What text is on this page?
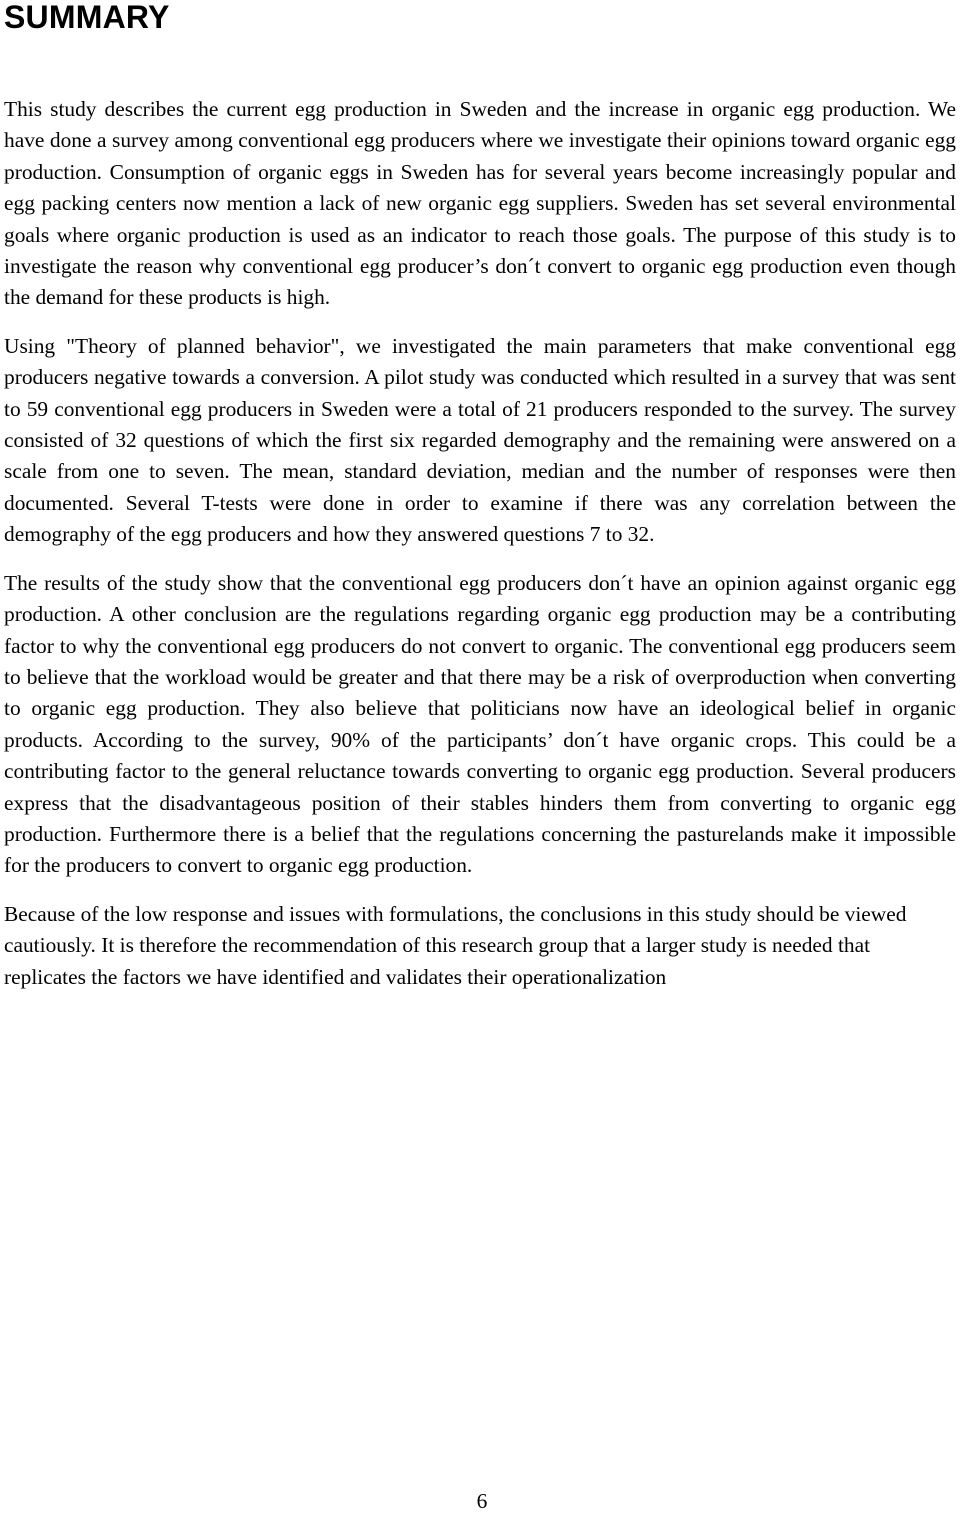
SUMMARY

This study describes the current egg production in Sweden and the increase in organic egg production. We have done a survey among conventional egg producers where we investigate their opinions toward organic egg production. Consumption of organic eggs in Sweden has for several years become increasingly popular and egg packing centers now mention a lack of new organic egg suppliers. Sweden has set several environmental goals where organic production is used as an indicator to reach those goals. The purpose of this study is to investigate the reason why conventional egg producer’s don´t convert to organic egg production even though the demand for these products is high.

Using "Theory of planned behavior", we investigated the main parameters that make conventional egg producers negative towards a conversion. A pilot study was conducted which resulted in a survey that was sent to 59 conventional egg producers in Sweden were a total of 21 producers responded to the survey. The survey consisted of 32 questions of which the first six regarded demography and the remaining were answered on a scale from one to seven. The mean, standard deviation, median and the number of responses were then documented. Several T-tests were done in order to examine if there was any correlation between the demography of the egg producers and how they answered questions 7 to 32.

The results of the study show that the conventional egg producers don´t have an opinion against organic egg production. A other conclusion are the regulations regarding organic egg production may be a contributing factor to why the conventional egg producers do not convert to organic. The conventional egg producers seem to believe that the workload would be greater and that there may be a risk of overproduction when converting to organic egg production. They also believe that politicians now have an ideological belief in organic products. According to the survey, 90% of the participants’ don´t have organic crops. This could be a contributing factor to the general reluctance towards converting to organic egg production. Several producers express that the disadvantageous position of their stables hinders them from converting to organic egg production. Furthermore there is a belief that the regulations concerning the pasturelands make it impossible for the producers to convert to organic egg production.

Because of the low response and issues with formulations, the conclusions in this study should be viewed cautiously. It is therefore the recommendation of this research group that a larger study is needed that replicates the factors we have identified and validates their operationalization

6
